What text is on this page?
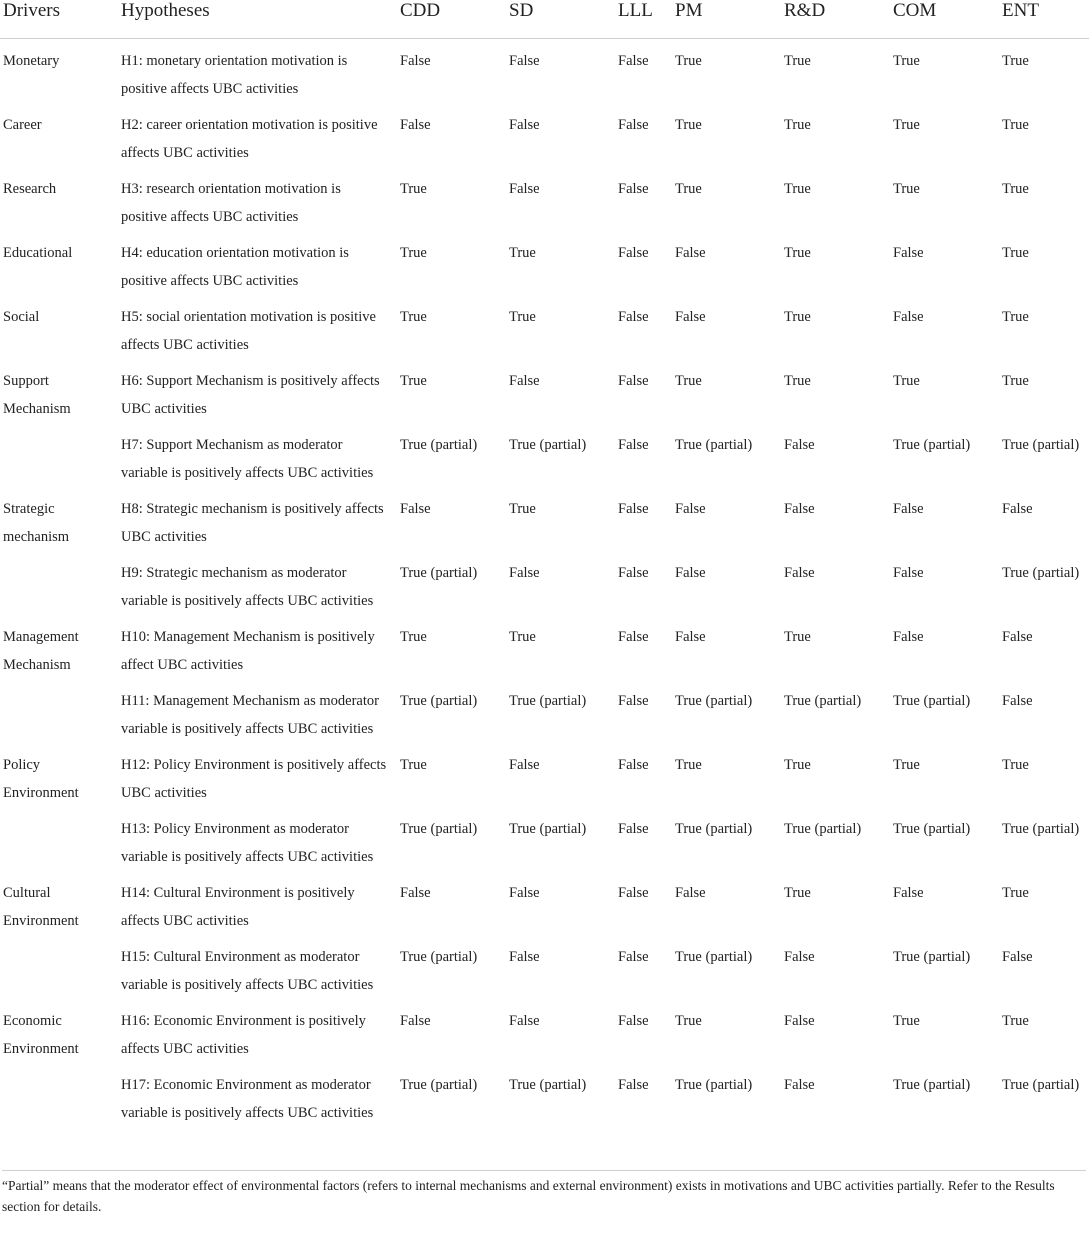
Drivers	Hypotheses	CDD	SD	LLL	PM	R&D	COM	ENT
Monetary	H1: monetary orientation motivation is positive affects UBC activities	False	False	False	True	True	True	True
Career	H2: career orientation motivation is positive affects UBC activities	False	False	False	True	True	True	True
Research	H3: research orientation motivation is positive affects UBC activities	True	False	False	True	True	True	True
Educational	H4: education orientation motivation is positive affects UBC activities	True	True	False	False	True	False	True
Social	H5: social orientation motivation is positive affects UBC activities	True	True	False	False	True	False	True
Support Mechanism	H6: Support Mechanism is positively affects UBC activities	True	False	False	True	True	True	True
	H7: Support Mechanism as moderator variable is positively affects UBC activities	True (partial)	True (partial)	False	True (partial)	False	True (partial)	True (partial)
Strategic mechanism	H8: Strategic mechanism is positively affects UBC activities	False	True	False	False	False	False	False
	H9: Strategic mechanism as moderator variable is positively affects UBC activities	True (partial)	False	False	False	False	False	True (partial)
Management Mechanism	H10: Management Mechanism is positively affect UBC activities	True	True	False	False	True	False	False
	H11: Management Mechanism as moderator variable is positively affects UBC activities	True (partial)	True (partial)	False	True (partial)	True (partial)	True (partial)	False
Policy Environment	H12: Policy Environment is positively affects UBC activities	True	False	False	True	True	True	True
	H13: Policy Environment as moderator variable is positively affects UBC activities	True (partial)	True (partial)	False	True (partial)	True (partial)	True (partial)	True (partial)
Cultural Environment	H14: Cultural Environment is positively affects UBC activities	False	False	False	False	True	False	True
	H15: Cultural Environment as moderator variable is positively affects UBC activities	True (partial)	False	False	True (partial)	False	True (partial)	False
Economic Environment	H16: Economic Environment is positively affects UBC activities	False	False	False	True	False	True	True
	H17: Economic Environment as moderator variable is positively affects UBC activities	True (partial)	True (partial)	False	True (partial)	False	True (partial)	True (partial)
“Partial” means that the moderator effect of environmental factors (refers to internal mechanisms and external environment) exists in motivations and UBC activities partially. Refer to the Results section for details.
